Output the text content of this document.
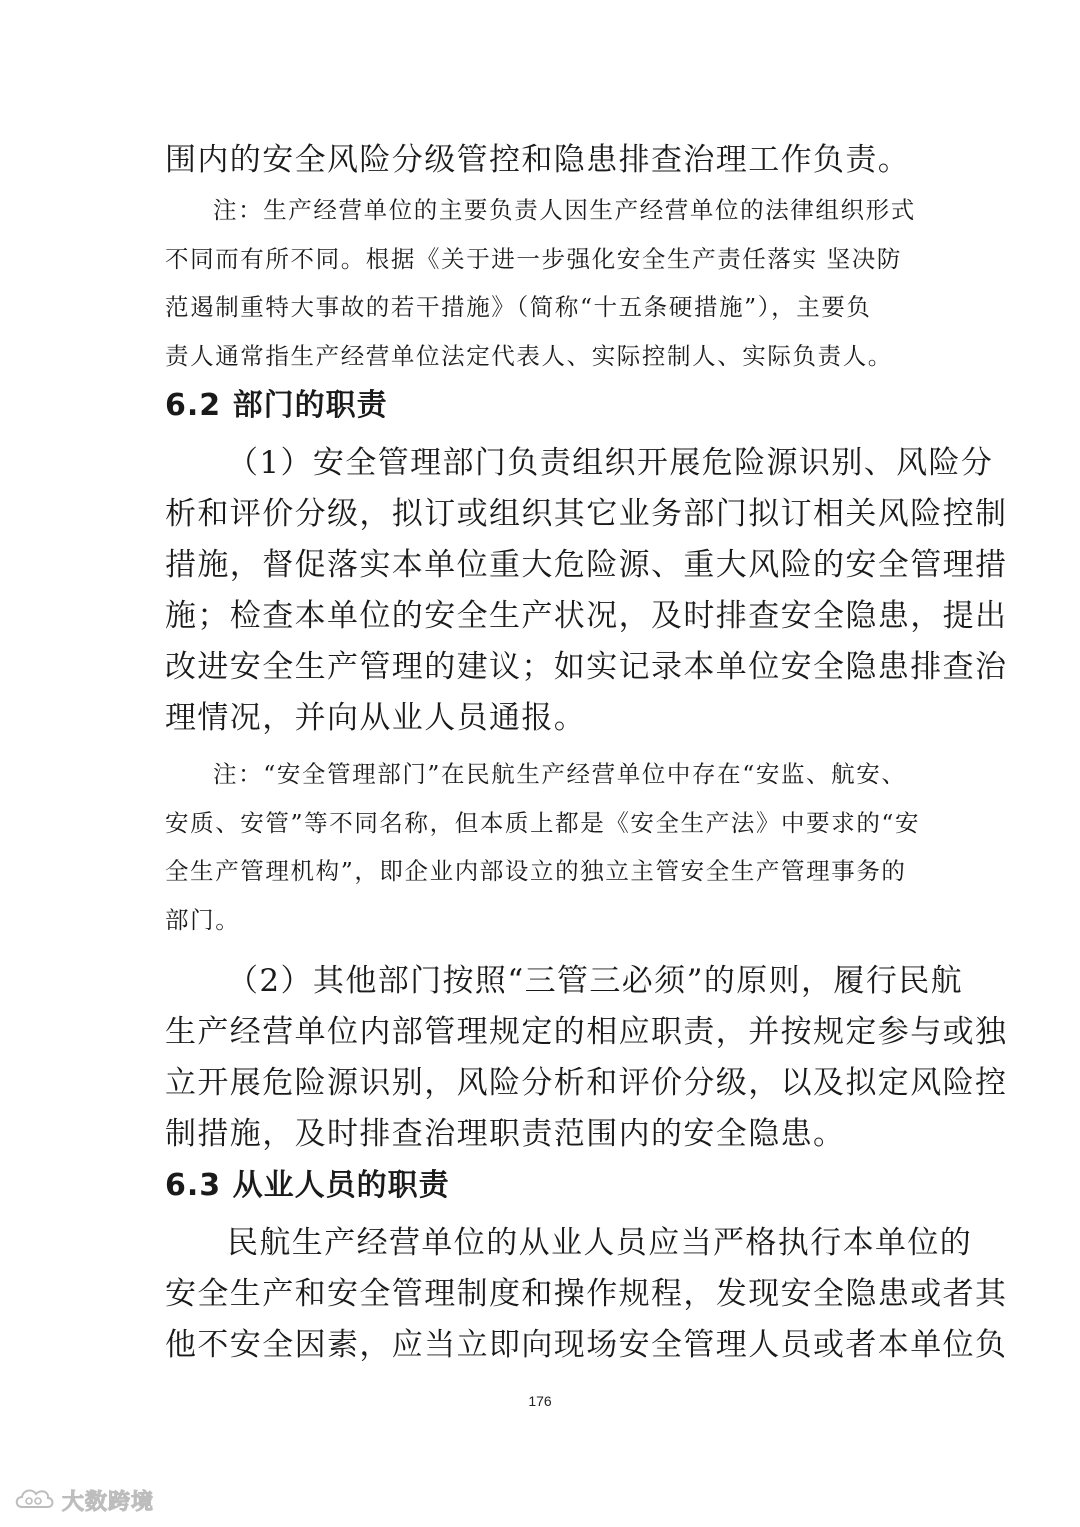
围内的安全风险分级管控和隐患排查治理工作负责。

注：生产经营单位的主要负责人因生产经营单位的法律组织形式

不同而有所不同。根据《关于进一步强化安全生产责任落实 坚决防

范遏制重特大事故的若干措施》（简称“十五条硬措施”），主要负

责人通常指生产经营单位法定代表人、实际控制人、实际负责人。

6.2 部门的职责

（1）安全管理部门负责组织开展危险源识别、风险分

析和评价分级，拟订或组织其它业务部门拟订相关风险控制

措施，督促落实本单位重大危险源、重大风险的安全管理措

施；检查本单位的安全生产状况，及时排查安全隐患，提出

改进安全生产管理的建议；如实记录本单位安全隐患排查治

理情况，并向从业人员通报。

注：“安全管理部门”在民航生产经营单位中存在“安监、航安、

安质、安管”等不同名称，但本质上都是《安全生产法》中要求的“安

全生产管理机构”，即企业内部设立的独立主管安全生产管理事务的

部门。

（2）其他部门按照“三管三必须”的原则，履行民航

生产经营单位内部管理规定的相应职责，并按规定参与或独

立开展危险源识别，风险分析和评价分级，以及拟定风险控

制措施，及时排查治理职责范围内的安全隐患。

6.3 从业人员的职责

民航生产经营单位的从业人员应当严格执行本单位的

安全生产和安全管理制度和操作规程，发现安全隐患或者其

他不安全因素，应当立即向现场安全管理人员或者本单位负

176
大数跨境
